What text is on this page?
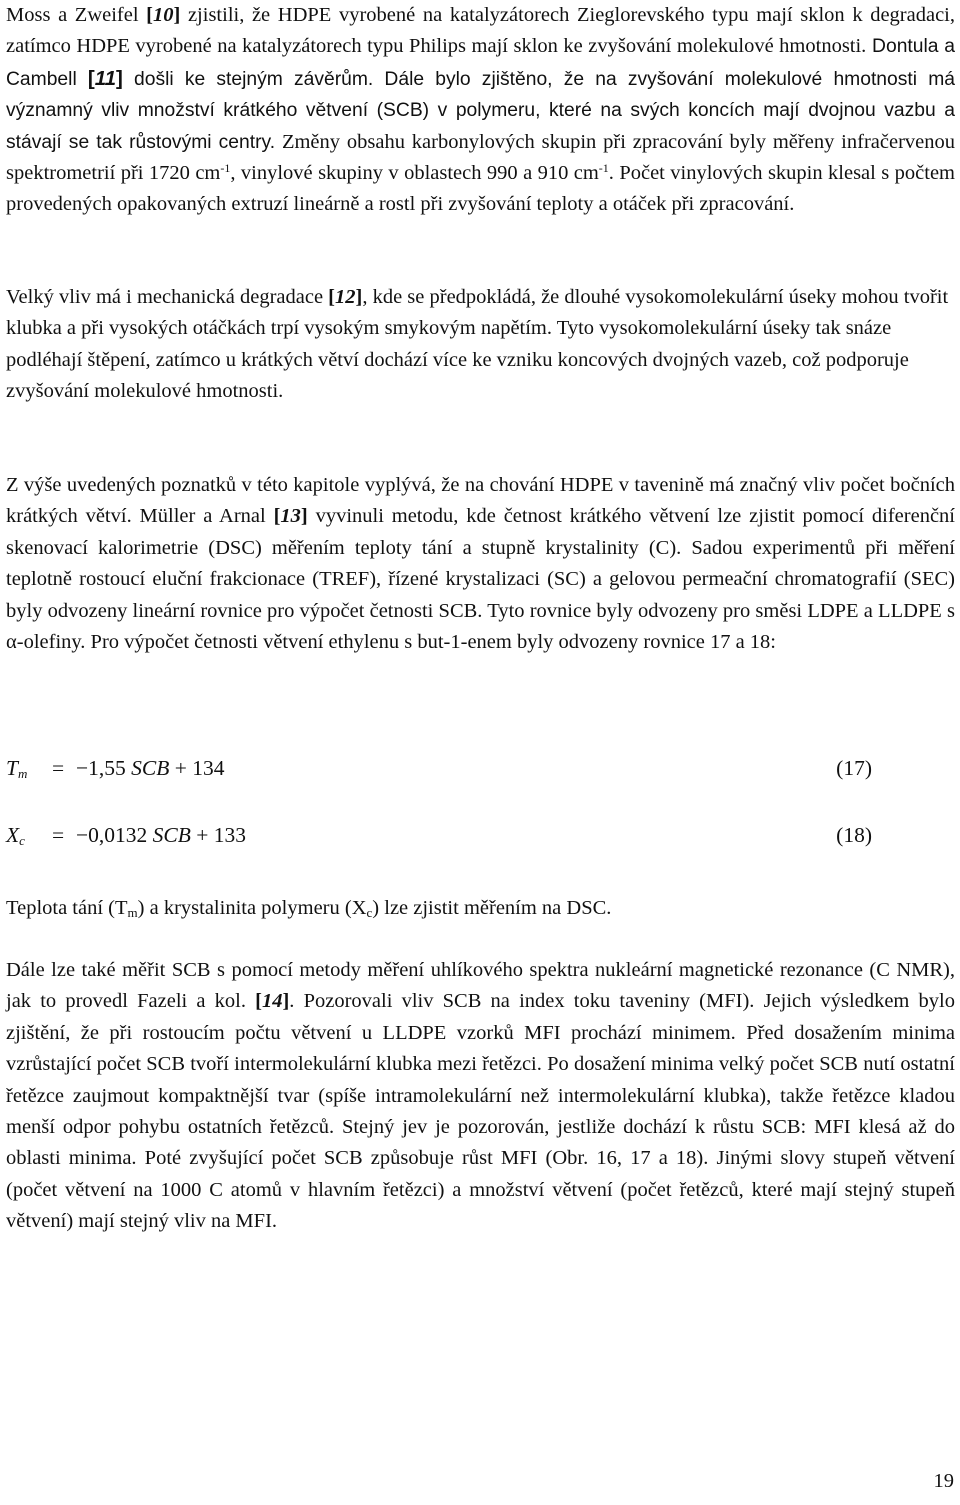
Moss a Zweifel [10] zjistili, že HDPE vyrobené na katalyzátorech Zieglorevského typu mají sklon k degradaci, zatímco HDPE vyrobené na katalyzátorech typu Philips mají sklon ke zvyšování molekulové hmotnosti. Dontula a Cambell [11] došli ke stejným závěrům. Dále bylo zjištěno, že na zvyšování molekulové hmotnosti má významný vliv množství krátkého větvení (SCB) v polymeru, které na svých koncích mají dvojnou vazbu a stávají se tak růstovými centry. Změny obsahu karbonylových skupin při zpracování byly měřeny infračervenou spektrometrií při 1720 $cm^{-1}$, vinylové skupiny v oblastech 990 a 910 $cm^{-1}$. Počet vinylových skupin klesal s počtem provedených opakovaných extruzí lineárně a rostl při zvyšování teploty a otáček při zpracování.

Velký vliv má i mechanická degradace [12], kde se předpokládá, že dlouhé vysokomolekulární úseky mohou tvořit klubka a při vysokých otáčkách trpí vysokým smykovým napětím. Tyto vysokomolekulární úseky tak snáze podléhají štěpení, zatímco u krátkých větví dochází více ke vzniku koncových dvojných vazeb, což podporuje zvyšování molekulové hmotnosti.

Z výše uvedených poznatků v této kapitole vyplývá, že na chování HDPE v tavenině má značný vliv počet bočních krátkých větví. Müller a Arnal [13] vyvinuli metodu, kde četnost krátkého větvení lze zjistit pomocí diferenční skenovací kalorimetrie (DSC) měřením teploty tání a stupně krystalinity (C). Sadou experimentů při měření teplotně rostoucí eluční frakcionace (TREF), řízené krystalizaci (SC) a gelovou permeační chromatografií (SEC) byly odvozeny lineární rovnice pro výpočet četnosti SCB. Tyto rovnice byly odvozeny pro směsi LDPE a LLDPE s α-olefiny. Pro výpočet četnosti větvení ethylenu s but-1-enem byly odvozeny rovnice 17 a 18:

$T_m = -1,55$ SCB + 134	(17)
$X_c = -0,0132$ SCB + 133	(18)

Teplota tání $(T_m)$ a krystalinita polymeru $(X_c)$ lze zjistit měřením na DSC.

Dále lze také měřit SCB s pomocí metody měření uhlíkového spektra nukleární magnetické rezonance (C NMR), jak to provedl Fazeli a kol. [14]. Pozorovali vliv SCB na index toku taveniny (MFI). Jejich výsledkem bylo zjištění, že při rostoucím počtu větvení u LLDPE vzorků MFI prochází minimem. Před dosažením minima vzrůstající počet SCB tvoří intermolekulární klubka mezi řetězci. Po dosažení minima velký počet SCB nutí ostatní řetězce zaujmout kompaktnější tvar (spíše intramolekulární než intermolekulární klubka), takže řetězce kladou menší odpor pohybu ostatních řetězců. Stejný jev je pozorován, jestliže dochází k růstu SCB: MFI klesá až do oblasti minima. Poté zvyšující počet SCB způsobuje růst MFI (Obr. 16, 17 a 18). Jinými slovy stupeň větvení (počet větvení na 1000 C atomů v hlavním řetězci) a množství větvení (počet řetězců, které mají stejný stupeň větvení) mají stejný vliv na MFI.

19
